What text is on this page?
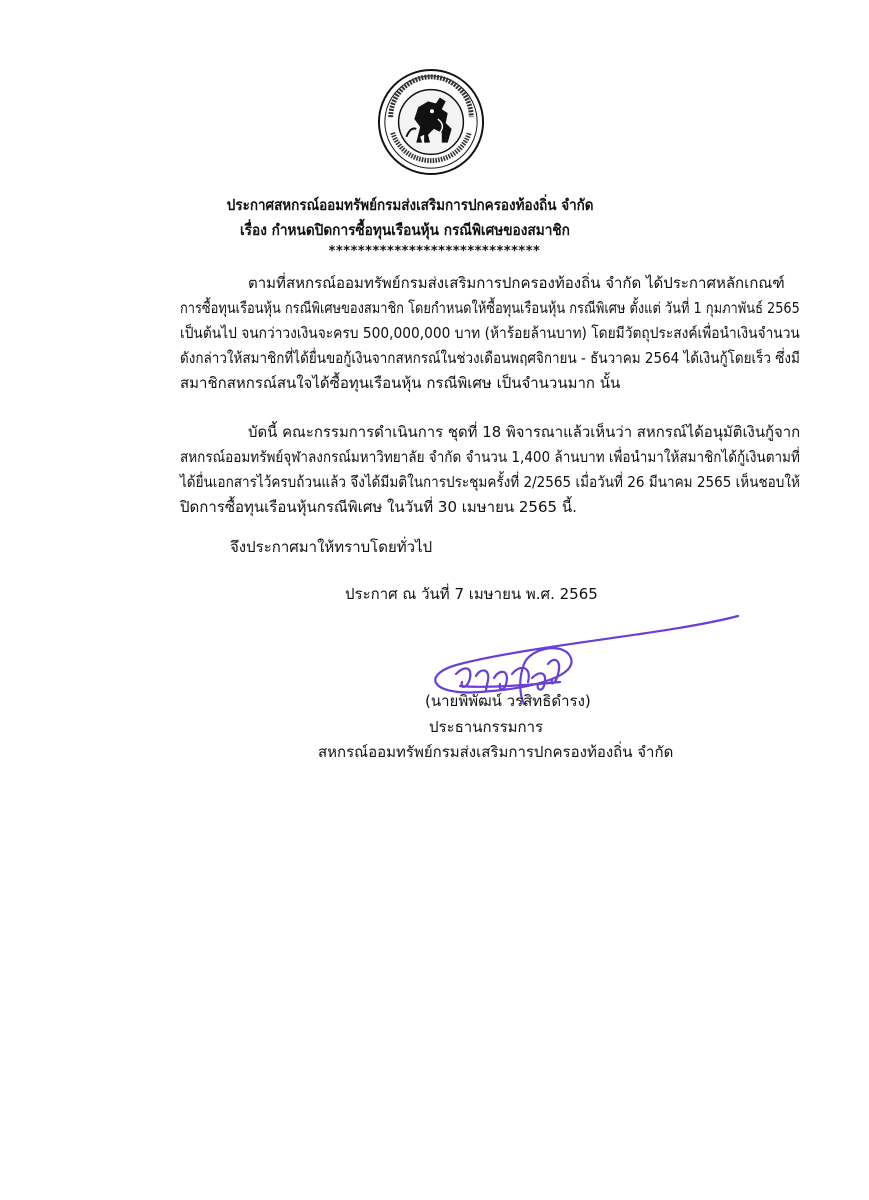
ประกาศสหกรณ์ออมทรัพย์กรมส่งเสริมการปกครองท้องถิ่น จำกัด
เรื่อง กำหนดปิดการซื้อทุนเรือนหุ้น กรณีพิเศษของสมาชิก
*****************************
ตามที่สหกรณ์ออมทรัพย์กรมส่งเสริมการปกครองท้องถิ่น จำกัด ได้ประกาศหลักเกณฑ์
การซื้อทุนเรือนหุ้น กรณีพิเศษของสมาชิก โดยกำหนดให้ซื้อทุนเรือนหุ้น กรณีพิเศษ ตั้งแต่ วันที่ 1 กุมภาพันธ์ 2565
เป็นต้นไป จนกว่าวงเงินจะครบ 500,000,000 บาท (ห้าร้อยล้านบาท) โดยมีวัตถุประสงค์เพื่อนำเงินจำนวน
ดังกล่าวให้สมาชิกที่ได้ยื่นขอกู้เงินจากสหกรณ์ในช่วงเดือนพฤศจิกายน - ธันวาคม 2564 ได้เงินกู้โดยเร็ว ซึ่งมี
สมาชิกสหกรณ์สนใจได้ซื้อทุนเรือนหุ้น กรณีพิเศษ เป็นจำนวนมาก นั้น
บัดนี้ คณะกรรมการดำเนินการ ชุดที่ 18 พิจารณาแล้วเห็นว่า สหกรณ์ได้อนุมัติเงินกู้จาก
สหกรณ์ออมทรัพย์จุฬาลงกรณ์มหาวิทยาลัย จำกัด จำนวน 1,400 ล้านบาท เพื่อนำมาให้สมาชิกได้กู้เงินตามที่
ได้ยื่นเอกสารไว้ครบถ้วนแล้ว จึงได้มีมติในการประชุมครั้งที่ 2/2565 เมื่อวันที่ 26 มีนาคม 2565 เห็นชอบให้
ปิดการซื้อทุนเรือนหุ้นกรณีพิเศษ ในวันที่ 30 เมษายน 2565 นี้.
จึงประกาศมาให้ทราบโดยทั่วไป
ประกาศ ณ วันที่ 7 เมษายน พ.ศ. 2565
(นายพิพัฒน์ วรสิทธิดำรง)
ประธานกรรมการ
สหกรณ์ออมทรัพย์กรมส่งเสริมการปกครองท้องถิ่น จำกัด
